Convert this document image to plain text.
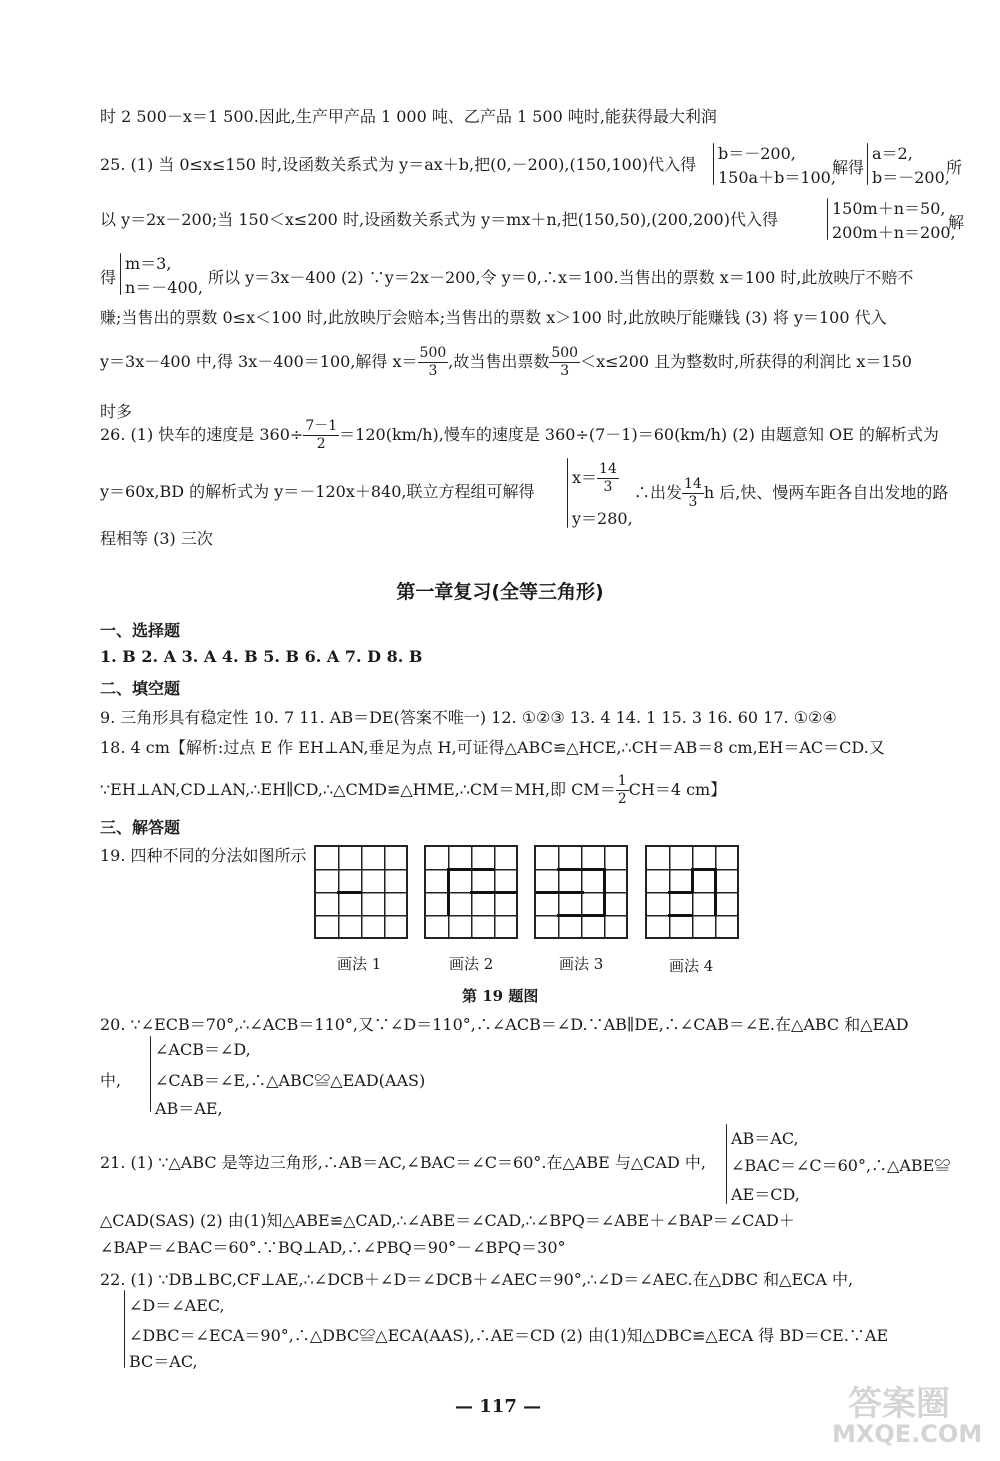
时 2 500－x＝1 500.因此,生产甲产品 1 000 吨、乙产品 1 500 吨时,能获得最大利润
25. (1) 当 0≤x≤150 时,设函数关系式为 y＝ax＋b,把(0,－200),(150,100)代入得
b＝－200,
150a＋b＝100,
解得
a＝2,
b＝－200,
所
以 y＝2x－200;当 150＜x≤200 时,设函数关系式为 y＝mx＋n,把(150,50),(200,200)代入得
150m＋n＝50,
200m＋n＝200,
解
得
m＝3,
n＝－400,
所以 y＝3x－400 (2) ∵y＝2x－200,令 y＝0,∴x＝100.当售出的票数 x＝100 时,此放映厅不赔不
赚;当售出的票数 0≤x＜100 时,此放映厅会赔本;当售出的票数 x＞100 时,此放映厅能赚钱 (3) 将 y＝100 代入
y＝3x－400 中,得 3x－400＝100,解得 $x= \frac{500}{3}$ ,故当售出票数 $\frac{500}{3} <x\le 200$ 且为整数时,所获得的利润比 x＝150
时多
26. (1) 快车的速度是 $360\div \frac{7-1}{2} =120(km/h)$,慢车的速度是 360÷(7－1)＝60(km/h) (2) 由题意知 OE 的解析式为
y＝60x,BD 的解析式为 y＝－120x＋840,联立方程组可解得
$x= \frac{14}{3}$
y＝280,
∴出发 $\frac{14}{3}$ h 后,快、慢两车距各自出发地的路
程相等 (3) 三次
第一章复习(全等三角形)
一、选择题
1. B 2. A 3. A 4. B 5. B 6. A 7. D 8. B
二、填空题
9. 三角形具有稳定性 10. 7 11. AB＝DE(答案不唯一) 12. ①②③ 13. 4 14. 1 15. 3 16. 60 17. ①②④
18. 4 cm【解析:过点 E 作 EH⊥AN,垂足为点 H,可证得△ABC≌△HCE,∴CH＝AB＝8 cm,EH＝AC＝CD.又
∵EH⊥AN,CD⊥AN,∴EH∥CD,∴△CMD≌△HME,∴CM＝MH,即 $CM= \frac{1}{2} CH=4$ cm】
三、解答题
19. 四种不同的分法如图所示
画法 1	画法 2	画法 3	画法 4
第 19 题图
20. ∵∠ECB＝70°,∴∠ACB＝110°,又∵∠D＝110°,∴∠ACB＝∠D.∵AB∥DE,∴∠CAB＝∠E.在△ABC 和△EAD
中,
∠ACB＝∠D,
∠CAB＝∠E,∴△ABC≌△EAD(AAS)
AB＝AE,
21. (1) ∵△ABC 是等边三角形,∴AB＝AC,∠BAC＝∠C＝60°.在△ABE 与△CAD 中,
AB＝AC,
∠BAC＝∠C＝60°,∴△ABE≌
AE＝CD,
△CAD(SAS) (2) 由(1)知△ABE≌△CAD,∴∠ABE＝∠CAD,∴∠BPQ＝∠ABE＋∠BAP＝∠CAD＋
∠BAP＝∠BAC＝60°.∵BQ⊥AD,∴∠PBQ＝90°－∠BPQ＝30°
22. (1) ∵DB⊥BC,CF⊥AE,∴∠DCB＋∠D＝∠DCB＋∠AEC＝90°,∴∠D＝∠AEC.在△DBC 和△ECA 中,
∠D＝∠AEC,
∠DBC＝∠ECA＝90°,∴△DBC≌△ECA(AAS),∴AE＝CD (2) 由(1)知△DBC≌△ECA 得 BD＝CE.∵AE
BC＝AC,
— 117 —	答案圈
MXQE.COM
